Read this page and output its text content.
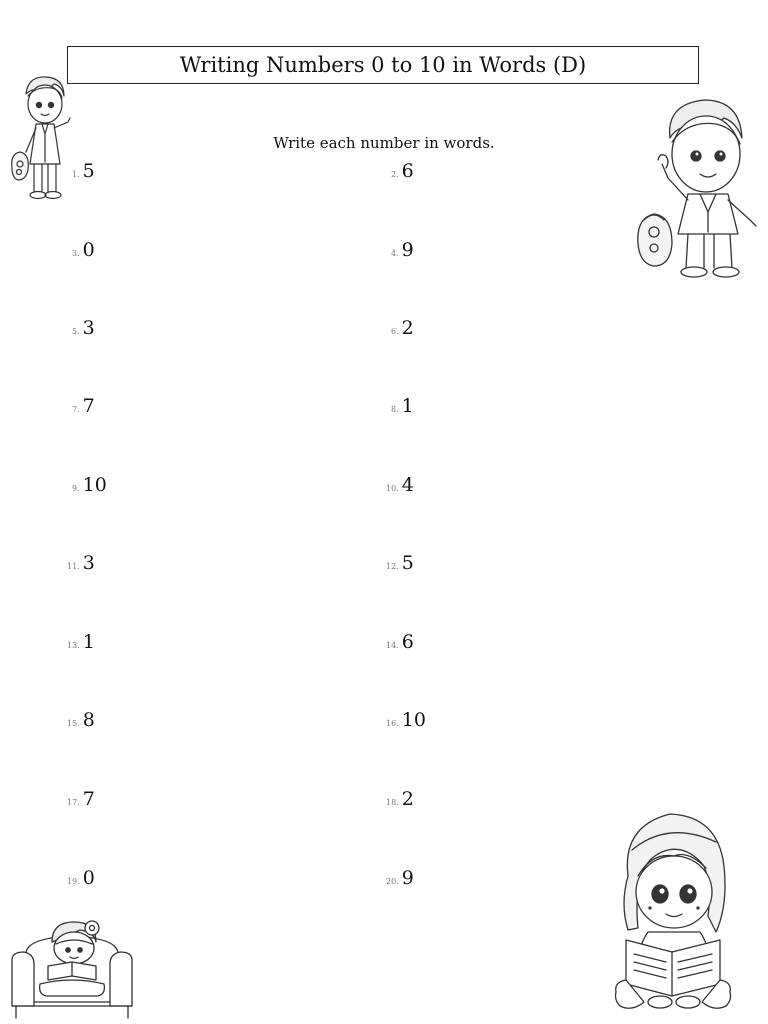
Writing Numbers 0 to 10 in Words (D)
Write each number in words.
1. 5	2. 6
3. 0	4. 9
5. 3	6. 2
7. 7	8. 1
9. 10	10. 4
11. 3	12. 5
13. 1	14. 6
15. 8	16. 10
17. 7	18. 2
19. 0	20. 9
